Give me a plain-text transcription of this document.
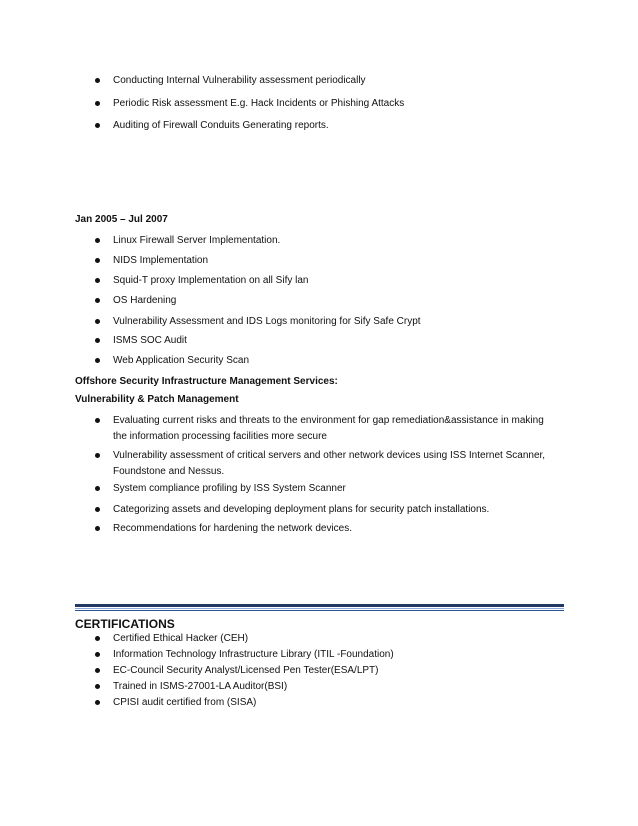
Conducting Internal Vulnerability assessment periodically
Periodic Risk assessment E.g. Hack Incidents or Phishing Attacks
Auditing of Firewall Conduits Generating reports.
Jan 2005 – Jul 2007
Linux Firewall Server Implementation.
NIDS Implementation
Squid-T proxy Implementation on all Sify lan
OS Hardening
Vulnerability Assessment and IDS Logs monitoring for Sify Safe Crypt
ISMS SOC Audit
Web Application Security Scan
Offshore Security Infrastructure Management Services:
Vulnerability & Patch Management
Evaluating current risks and threats to the environment for gap remediation&assistance in making
the information processing facilities more secure
Vulnerability assessment of critical servers and other network devices using ISS Internet Scanner,
Foundstone and Nessus.
System compliance profiling by ISS System Scanner
Categorizing assets and developing deployment plans for security patch installations.
Recommendations for hardening the network devices.
CERTIFICATIONS
Certified Ethical Hacker (CEH)
Information Technology Infrastructure Library (ITIL -Foundation)
EC-Council Security Analyst/Licensed Pen Tester(ESA/LPT)
Trained in ISMS-27001-LA Auditor(BSI)
CPISI audit certified from (SISA)
